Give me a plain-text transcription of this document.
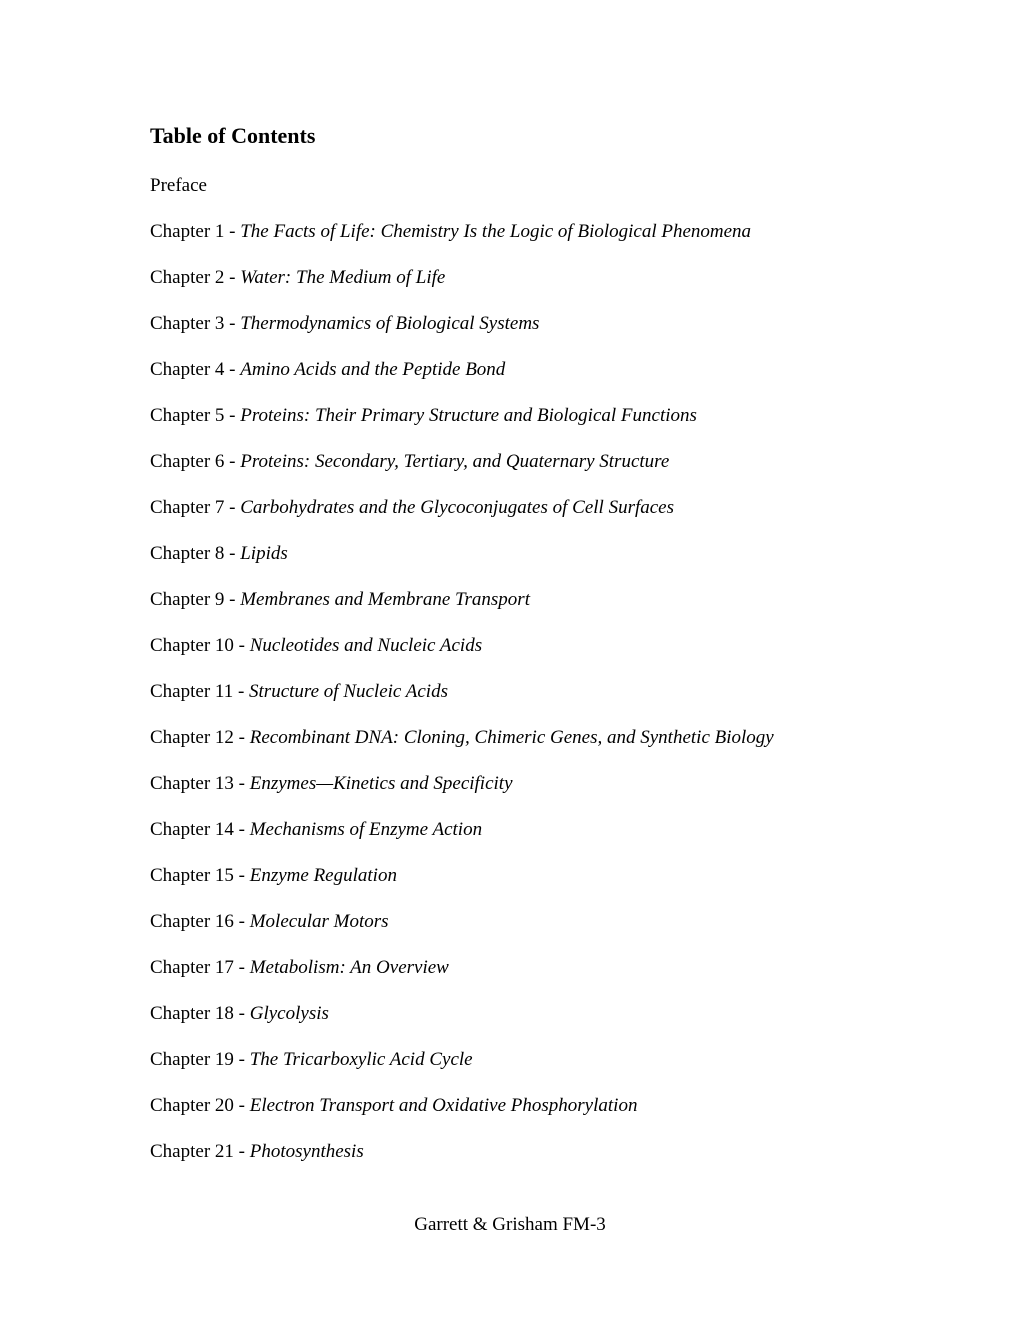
Table of Contents
Preface
Chapter 1 - The Facts of Life: Chemistry Is the Logic of Biological Phenomena
Chapter 2 - Water: The Medium of Life
Chapter 3 - Thermodynamics of Biological Systems
Chapter 4 - Amino Acids and the Peptide Bond
Chapter 5 - Proteins: Their Primary Structure and Biological Functions
Chapter 6 - Proteins: Secondary, Tertiary, and Quaternary Structure
Chapter 7 - Carbohydrates and the Glycoconjugates of Cell Surfaces
Chapter 8 - Lipids
Chapter 9 - Membranes and Membrane Transport
Chapter 10 - Nucleotides and Nucleic Acids
Chapter 11 - Structure of Nucleic Acids
Chapter 12 - Recombinant DNA: Cloning, Chimeric Genes, and Synthetic Biology
Chapter 13 - Enzymes—Kinetics and Specificity
Chapter 14 - Mechanisms of Enzyme Action
Chapter 15 - Enzyme Regulation
Chapter 16 - Molecular Motors
Chapter 17 - Metabolism: An Overview
Chapter 18 - Glycolysis
Chapter 19 - The Tricarboxylic Acid Cycle
Chapter 20 - Electron Transport and Oxidative Phosphorylation
Chapter 21 - Photosynthesis
Garrett & Grisham FM-3
